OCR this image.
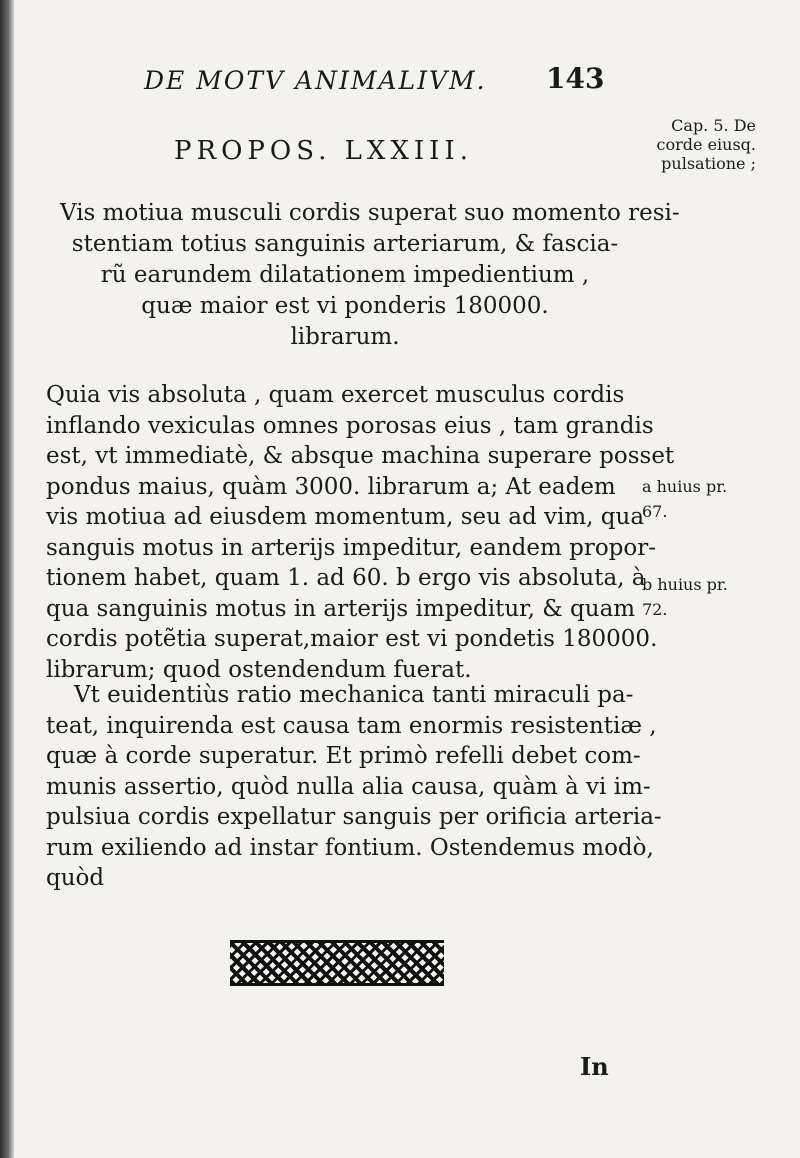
DE MOTV ANIMALIVM. 143
PROPOS. LXXIII.
Cap. 5. De
corde eiusq.
pulsatione ;
Vis motiua musculi cordis superat suo momento resi-
stentiam totius sanguinis arteriarum, & fascia-
rũ earundem dilatationem impedientium ,
quæ maior est vi ponderis 180000.
librarum.
Quia vis absoluta , quam exercet musculus cordis
inflando vexiculas omnes porosas eius , tam grandis
est, vt immediatè, & absque machina superare posset
pondus maius, quàm 3000. librarum a; At eadem
vis motiua ad eiusdem momentum, seu ad vim, qua
sanguis motus in arterijs impeditur, eandem propor-
tionem habet, quam 1. ad 60. b ergo vis absoluta, à
qua sanguinis motus in arterijs impeditur, & quam
cordis potẽtia superat,maior est vi pondetis 180000.
librarum; quod ostendendum fuerat.
a huius pr.
67.
b huius pr.
72.
Vt euidentiùs ratio mechanica tanti miraculi pa-
teat, inquirenda est causa tam enormis resistentiæ ,
quæ à corde superatur. Et primò refelli debet com-
munis assertio, quòd nulla alia causa, quàm à vi im-
pulsiua cordis expellatur sanguis per orificia arteria-
rum exiliendo ad instar fontium. Ostendemus modò,
quòd
In
